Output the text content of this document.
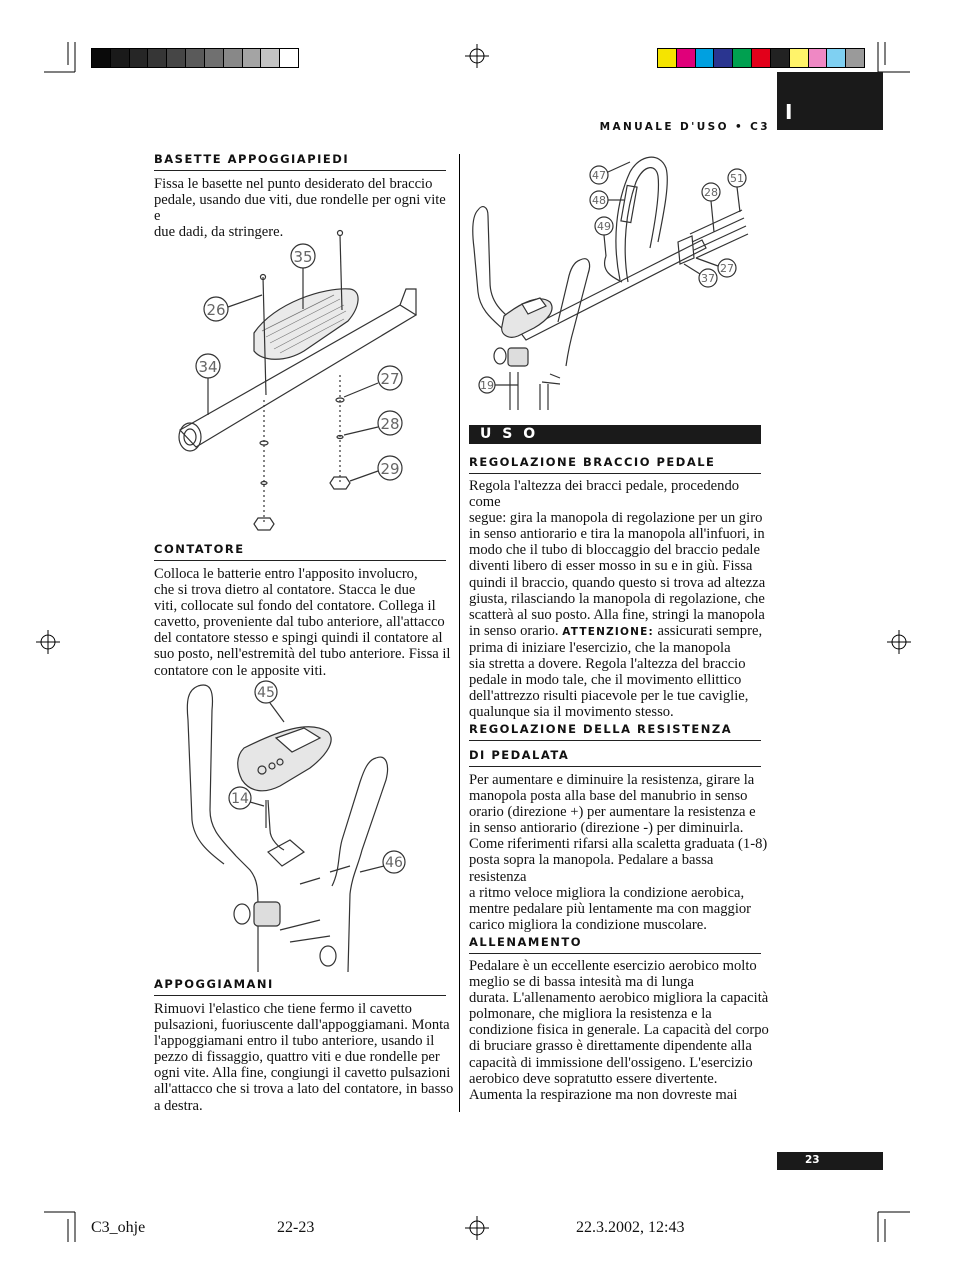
I
MANUALE D'USO • C3
BASETTE APPOGGIAPIEDI
Fissa le basette nel punto desiderato del braccio
pedale, usando due viti, due rondelle per ogni vite e
due dadi, da stringere.
35
26
34
27
28
29
CONTATORE
Colloca le batterie entro l'apposito involucro,
che si trova dietro al contatore. Stacca le due
viti, collocate sul fondo del contatore. Collega il
cavetto, proveniente dal tubo anteriore, all'attacco
del contatore stesso e spingi quindi il contatore al
suo posto, nell'estremità del tubo anteriore. Fissa il
contatore con le apposite viti.
45
14
46
APPOGGIAMANI
Rimuovi l'elastico che tiene fermo il cavetto
pulsazioni, fuoriuscente dall'appoggiamani. Monta
l'appoggiamani entro il tubo anteriore, usando il
pezzo di fissaggio, quattro viti e due rondelle per
ogni vite. Alla fine, congiungi il cavetto pulsazioni
all'attacco che si trova a lato del contatore, in basso
a destra.
47
48
49
28
51
27
37
19
U S O
REGOLAZIONE BRACCIO PEDALE
Regola l'altezza dei bracci pedale, procedendo come
segue: gira la manopola di regolazione per un giro
in senso antiorario e tira la manopola all'infuori, in
modo che il tubo di bloccaggio del braccio pedale
diventi libero di esser mosso in su e in giù. Fissa
quindi il braccio, quando questo si trova ad altezza
giusta, rilasciando la manopola di regolazione, che
scatterà al suo posto. Alla fine, stringi la manopola
in senso orario. ATTENZIONE: assicurati sempre,
prima di iniziare l'esercizio, che la manopola
sia stretta a dovere. Regola l'altezza del braccio
pedale in modo tale, che il movimento ellittico
dell'attrezzo risulti piacevole per le tue caviglie,
qualunque sia il movimento stesso.
REGOLAZIONE DELLA RESISTENZA
DI PEDALATA
Per aumentare e diminuire la resistenza, girare la
manopola posta alla base del manubrio in senso
orario (direzione +) per aumentare la resistenza e
in senso antiorario (direzione -) per diminuirla.
Come riferimenti rifarsi alla scaletta graduata (1-8)
posta sopra la manopola. Pedalare a bassa resistenza
a ritmo veloce migliora la condizione aerobica,
mentre pedalare più lentamente ma con maggior
carico migliora la condizione muscolare.
ALLENAMENTO
Pedalare è un eccellente esercizio aerobico molto
meglio se di bassa intesità ma di lunga
durata. L'allenamento aerobico migliora la capacità
polmonare, che migliora la resistenza e la
condizione fisica in generale. La capacità del corpo
di bruciare grasso è direttamente dipendente alla
capacità di immissione dell'ossigeno. L'esercizio
aerobico deve sopratutto essere divertente.
Aumenta la respirazione ma non dovreste mai
23
C3_ohje	22-23	22.3.2002, 12:43
